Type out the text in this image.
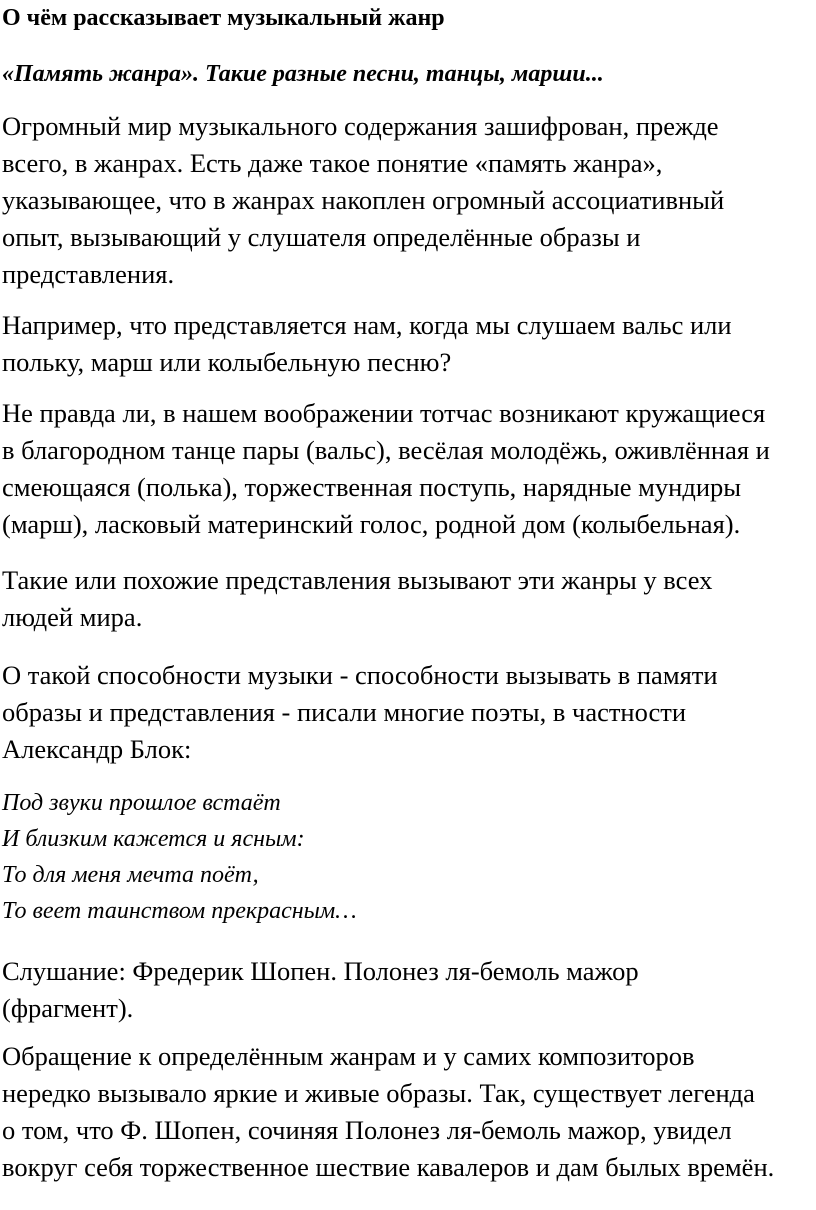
О чём рассказывает музыкальный жанр
«Память жанра». Такие разные песни, танцы, марши...

Огромный мир музыкального содержания зашифрован, прежде
всего, в жанрах. Есть даже такое понятие «память жанра»,
указывающее, что в жанрах накоплен огромный ассоциативный
опыт, вызывающий у слушателя определённые образы и
представления.

Например, что представляется нам, когда мы слушаем вальс или
польку, марш или колыбельную песню?

Не правда ли, в нашем воображении тотчас возникают кружащиеся
в благородном танце пары (вальс), весёлая молодёжь, оживлённая и
смеющаяся (полька), торжественная поступь, нарядные мундиры
(марш), ласковый материнский голос, родной дом (колыбельная).

Такие или похожие представления вызывают эти жанры у всех
людей мира.

О такой способности музыки - способности вызывать в памяти
образы и представления - писали многие поэты, в частности
Александр Блок:

Под звуки прошлое встаёт
И близким кажется и ясным:
То для меня мечта поёт,
То веет таинством прекрасным…

Слушание: Фредерик Шопен. Полонез ля-бемоль мажор
(фрагмент).

Обращение к определённым жанрам и у самих композиторов
нередко вызывало яркие и живые образы. Так, существует легенда
о том, что Ф. Шопен, сочиняя Полонез ля-бемоль мажор, увидел
вокруг себя торжественное шествие кавалеров и дам былых времён.
